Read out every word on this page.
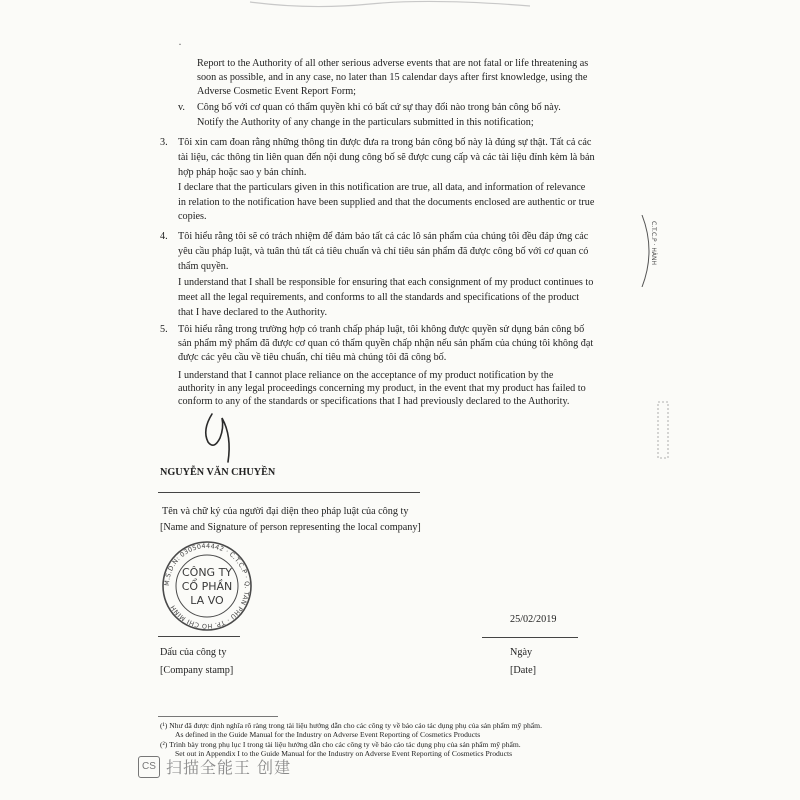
·
Report to the Authority of all other serious adverse events that are not fatal or life threatening as
soon as possible, and in any case, no later than 15 calendar days after first knowledge, using the
Adverse Cosmetic Event Report Form;
v. Công bố với cơ quan có thẩm quyền khi có bất cứ sự thay đổi nào trong bản công bố này.
Notify the Authority of any change in the particulars submitted in this notification;
3. Tôi xin cam đoan rằng những thông tin được đưa ra trong bản công bố này là đúng sự thật. Tất cả các
tài liệu, các thông tin liên quan đến nội dung công bố sẽ được cung cấp và các tài liệu đính kèm là bản
hợp pháp hoặc sao y bản chính.
I declare that the particulars given in this notification are true, all data, and information of relevance
in relation to the notification have been supplied and that the documents enclosed are authentic or true
copies.
4. Tôi hiểu rằng tôi sẽ có trách nhiệm để đảm bảo tất cả các lô sản phẩm của chúng tôi đều đáp ứng các
yêu cầu pháp luật, và tuân thủ tất cả tiêu chuẩn và chỉ tiêu sản phẩm đã được công bố với cơ quan có
thẩm quyền.
I understand that I shall be responsible for ensuring that each consignment of my product continues to
meet all the legal requirements, and conforms to all the standards and specifications of the product
that I have declared to the Authority.
5. Tôi hiểu rằng trong trường hợp có tranh chấp pháp luật, tôi không được quyền sử dụng bản công bố
sản phẩm mỹ phẩm đã được cơ quan có thẩm quyền chấp nhận nếu sản phẩm của chúng tôi không đạt
được các yêu cầu về tiêu chuẩn, chỉ tiêu mà chúng tôi đã công bố.
I understand that I cannot place reliance on the acceptance of my product notification by the
authority in any legal proceedings concerning my product, in the event that my product has failed to
conform to any of the standards or specifications that I had previously declared to the Authority.
NGUYỄN VĂN CHUYỀN
Tên và chữ ký của người đại diện theo pháp luật của công ty
[Name and Signature of person representing the local company]
M.S.D.N: 0305044442 · C.T.C.P · Q. TÂN PHÚ · TP. HỒ CHÍ MINH
CÔNG TY
CỔ PHẦN
LA VO
C.T.C.P · HÀNH
25/02/2019
Ngày
[Date]
Dấu của công ty
[Company stamp]
(¹) Như đã được định nghĩa rõ ràng trong tài liệu hướng dẫn cho các công ty về báo cáo tác dụng phụ của sản phẩm mỹ phẩm.
As defined in the Guide Manual for the Industry on Adverse Event Reporting of Cosmetics Products
(²) Trình bày trong phụ lục I trong tài liệu hướng dẫn cho các công ty về báo cáo tác dụng phụ của sản phẩm mỹ phẩm.
Set out in Appendix I to the Guide Manual for the Industry on Adverse Event Reporting of Cosmetics Products
CS 扫描全能王 创建
